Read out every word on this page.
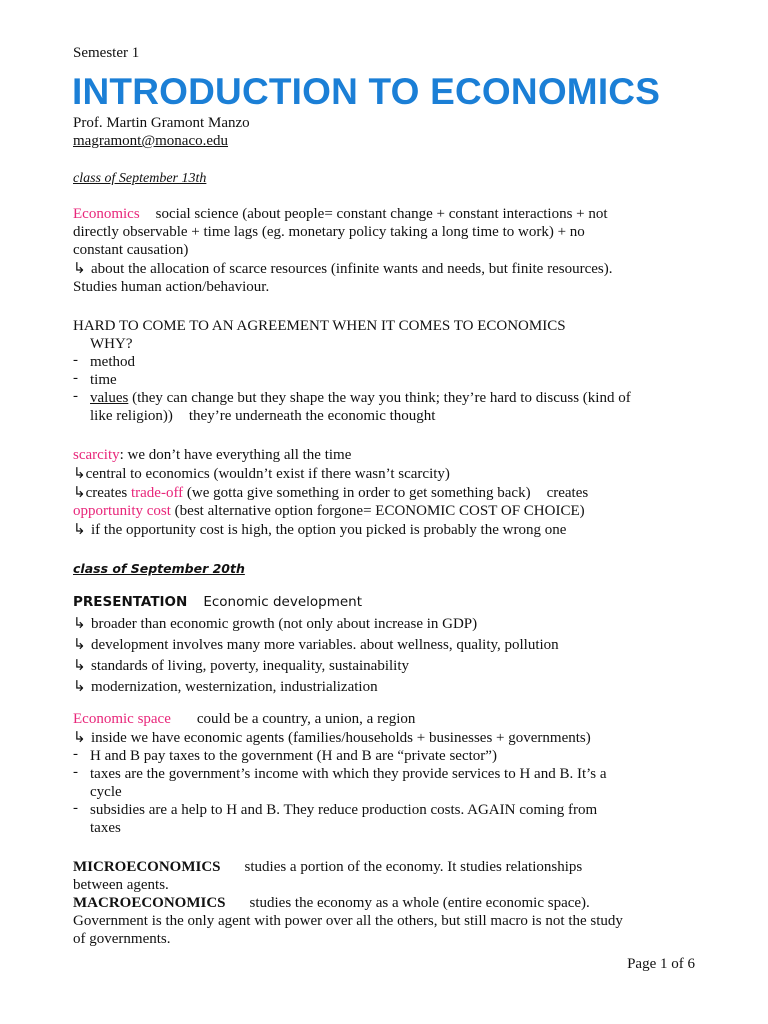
Semester 1
INTRODUCTION TO ECONOMICS
Prof. Martin Gramont Manzo
magramont@monaco.edu
class of September 13th
Economics social science (about people= constant change + constant interactions + not
directly observable + time lags (eg. monetary policy taking a long time to work) + no
constant causation)
↳ about the allocation of scarce resources (infinite wants and needs, but finite resources).
Studies human action/behaviour.
HARD TO COME TO AN AGREEMENT WHEN IT COMES TO ECONOMICS
WHY?
- method
- time
- values (they can change but they shape the way you think; they’re hard to discuss (kind of
like religion)) they’re underneath the economic thought
scarcity: we don’t have everything all the time
↳central to economics (wouldn’t exist if there wasn’t scarcity)
↳creates trade-off (we gotta give something in order to get something back) creates
opportunity cost (best alternative option forgone= ECONOMIC COST OF CHOICE)
↳ if the opportunity cost is high, the option you picked is probably the wrong one
class of September 20th
PRESENTATION Economic development
↳ broader than economic growth (not only about increase in GDP)
↳ development involves many more variables. about wellness, quality, pollution
↳ standards of living, poverty, inequality, sustainability
↳ modernization, westernization, industrialization
Economic space could be a country, a union, a region
↳ inside we have economic agents (families/households + businesses + governments)
- H and B pay taxes to the government (H and B are “private sector”)
- taxes are the government’s income with which they provide services to H and B. It’s a
cycle
- subsidies are a help to H and B. They reduce production costs. AGAIN coming from
taxes
MICROECONOMICS studies a portion of the economy. It studies relationships
between agents.
MACROECONOMICS studies the economy as a whole (entire economic space).
Government is the only agent with power over all the others, but still macro is not the study
of governments.
Page 1 of 6
